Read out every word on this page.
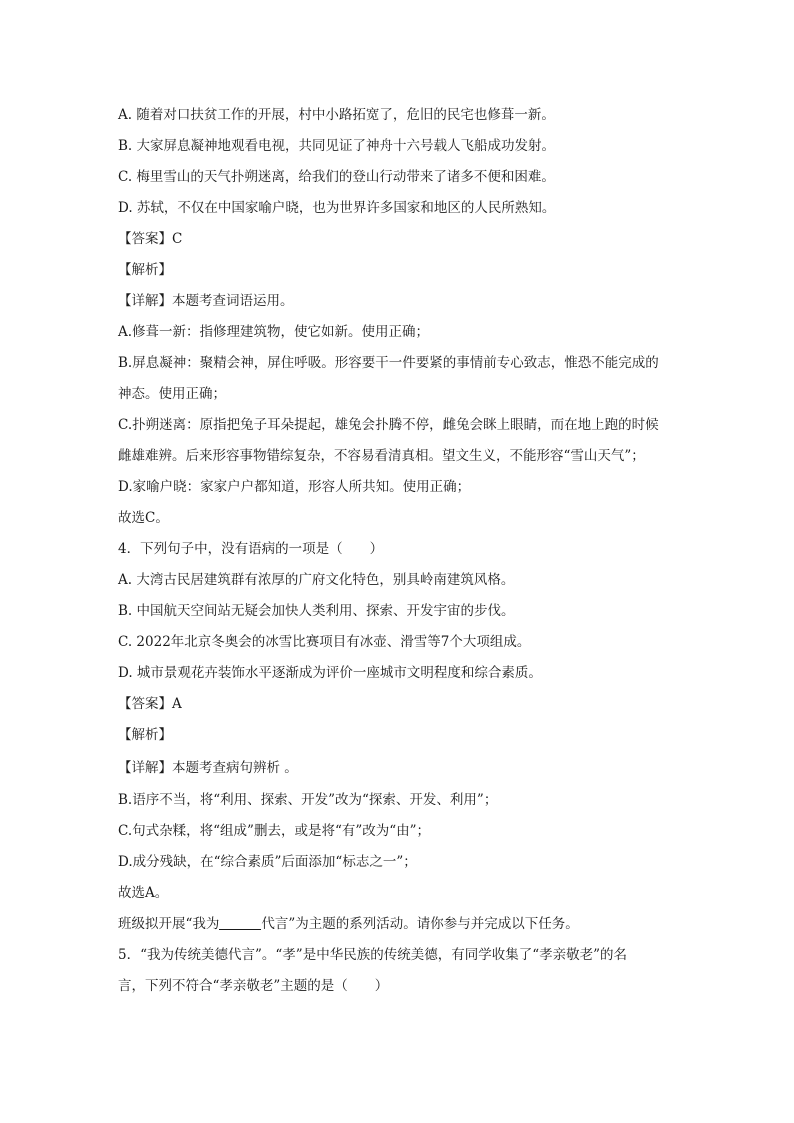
A. 随着对口扶贫工作的开展，村中小路拓宽了，危旧的民宅也修葺一新。
B. 大家屏息凝神地观看电视，共同见证了神舟十六号载人飞船成功发射。
C. 梅里雪山的天气扑朔迷离，给我们的登山行动带来了诸多不便和困难。
D. 苏轼，不仅在中国家喻户晓，也为世界许多国家和地区的人民所熟知。
【答案】C
【解析】
【详解】本题考查词语运用。
A.修葺一新：指修理建筑物，使它如新。使用正确；
B.屏息凝神：聚精会神，屏住呼吸。形容要干一件要紧的事情前专心致志，惟恐不能完成的
神态。使用正确；
C.扑朔迷离：原指把兔子耳朵提起，雄兔会扑腾不停，雌兔会眯上眼睛，而在地上跑的时候
雌雄难辨。后来形容事物错综复杂，不容易看清真相。望文生义，不能形容“雪山天气”；
D.家喻户晓：家家户户都知道，形容人所共知。使用正确；
故选C。
4．下列句子中，没有语病的一项是（　　）
A. 大湾古民居建筑群有浓厚的广府文化特色，别具岭南建筑风格。
B. 中国航天空间站无疑会加快人类利用、探索、开发宇宙的步伐。
C. 2022年北京冬奥会的冰雪比赛项目有冰壶、滑雪等7个大项组成。
D. 城市景观花卉装饰水平逐渐成为评价一座城市文明程度和综合素质。
【答案】A
【解析】
【详解】本题考查病句辨析 。
B.语序不当，将“利用、探索、开发”改为“探索、开发、利用”；
C.句式杂糅，将“组成”删去，或是将“有”改为“由”；
D.成分残缺，在“综合素质”后面添加“标志之一”；
故选A。
班级拟开展“我为	代言”为主题的系列活动。请你参与并完成以下任务。
5．“我为传统美德代言”。“孝”是中华民族的传统美德，有同学收集了“孝亲敬老”的名
言，下列不符合“孝亲敬老”主题的是（　　）
